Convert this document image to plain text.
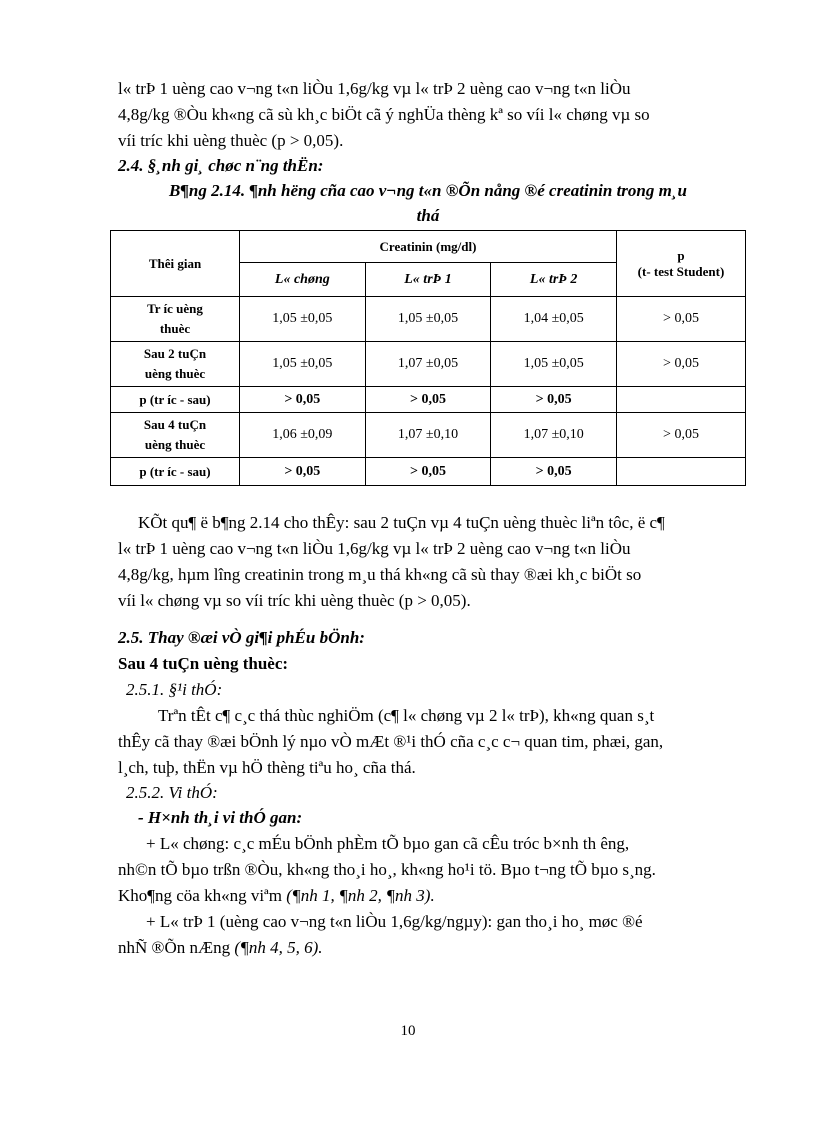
l« trÞ 1 uèng cao v¬ng t«n liÒu 1,6g/kg vµ l« trÞ 2 uèng cao v¬ng t«n liÒu

4,8g/kg ®Òu kh«ng cã sù kh¸c biÖt cã ý nghÜa thèng kª so víi l« chøng vµ so

víi tríc khi uèng thuèc (p > 0,05).

2.4. §¸nh gi¸ chøc n¨ng thËn:

B¶ng 2.14. ¶nh hëng cña cao v¬ng t«n ®Õn nång ®é creatinin trong m¸u

thá

Thêi gian	Creatinin (mg/dl)			p
(t- test Student)

	L« chøng	L« trÞ 1	L« trÞ 2	

Tr íc uèng
thuèc	1,05 ±0,05	1,05 ±0,05	1,04 ±0,05	> 0,05

Sau 2 tuÇn
uèng thuèc	1,05 ±0,05	1,07 ±0,05	1,05 ±0,05	> 0,05
p (tr íc - sau)	> 0,05	> 0,05	> 0,05	

Sau 4 tuÇn
uèng thuèc	1,06 ±0,09	1,07 ±0,10	1,07 ±0,10	> 0,05
p (tr íc - sau)	> 0,05	> 0,05	> 0,05	

KÕt qu¶ ë b¶ng 2.14 cho thÊy: sau 2 tuÇn vµ 4 tuÇn uèng thuèc liªn tôc, ë c¶

l« trÞ 1 uèng cao v¬ng t«n liÒu 1,6g/kg vµ l« trÞ 2 uèng cao v¬ng t«n liÒu

4,8g/kg, hµm lîng creatinin trong m¸u thá kh«ng cã sù thay ®æi kh¸c biÖt so

víi l« chøng vµ so víi tríc khi uèng thuèc (p > 0,05).

2.5. Thay ®æi vÒ gi¶i phÉu bÖnh:

Sau 4 tuÇn uèng thuèc:

2.5.1. §¹i thÓ:

Trªn tÊt c¶ c¸c thá thùc nghiÖm (c¶ l« chøng vµ 2 l« trÞ), kh«ng quan s¸t

thÊy cã thay ®æi bÖnh lý nµo vÒ mÆt ®¹i thÓ cña c¸c c¬ quan tim, phæi, gan,

l¸ch, tuþ, thËn vµ hÖ thèng tiªu ho¸ cña thá.

2.5.2. Vi thÓ:

- H×nh th¸i vi thÓ gan:

+ L« chøng: c¸c mÉu bÖnh phÈm tÕ bµo gan cã cÊu tróc b×nh th êng,

nh©n tÕ bµo trßn ®Òu, kh«ng tho¸i ho¸, kh«ng ho¹i tö. Bµo t¬ng tÕ bµo s¸ng.

Kho¶ng cöa kh«ng viªm (¶nh 1, ¶nh 2, ¶nh 3).

+ L« trÞ 1 (uèng cao v¬ng t«n liÒu 1,6g/kg/ngµy): gan tho¸i ho¸ møc ®é

nhÑ ®Õn nÆng (¶nh 4, 5, 6).

10
